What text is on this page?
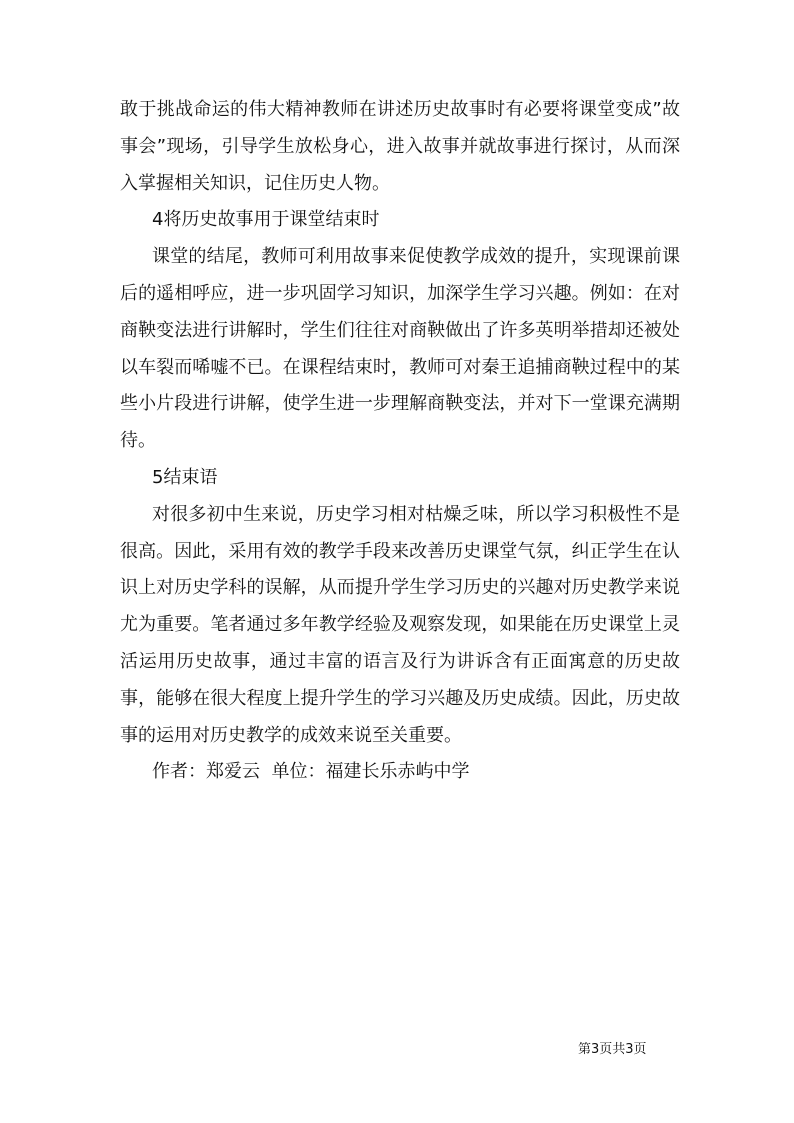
敢于挑战命运的伟大精神教师在讲述历史故事时有必要将课堂变成”故事会”现场，引导学生放松身心，进入故事并就故事进行探讨，从而深入掌握相关知识，记住历史人物。

4将历史故事用于课堂结束时

课堂的结尾，教师可利用故事来促使教学成效的提升，实现课前课后的遥相呼应，进一步巩固学习知识，加深学生学习兴趣。例如：在对商鞅变法进行讲解时，学生们往往对商鞅做出了许多英明举措却还被处以车裂而唏嘘不已。在课程结束时，教师可对秦王追捕商鞅过程中的某些小片段进行讲解，使学生进一步理解商鞅变法，并对下一堂课充满期待。

5结束语

对很多初中生来说，历史学习相对枯燥乏味，所以学习积极性不是很高。因此，采用有效的教学手段来改善历史课堂气氛，纠正学生在认识上对历史学科的误解，从而提升学生学习历史的兴趣对历史教学来说尤为重要。笔者通过多年教学经验及观察发现，如果能在历史课堂上灵活运用历史故事，通过丰富的语言及行为讲诉含有正面寓意的历史故事，能够在很大程度上提升学生的学习兴趣及历史成绩。因此，历史故事的运用对历史教学的成效来说至关重要。

作者：郑爱云  单位：福建长乐赤屿中学

第3页共3页
